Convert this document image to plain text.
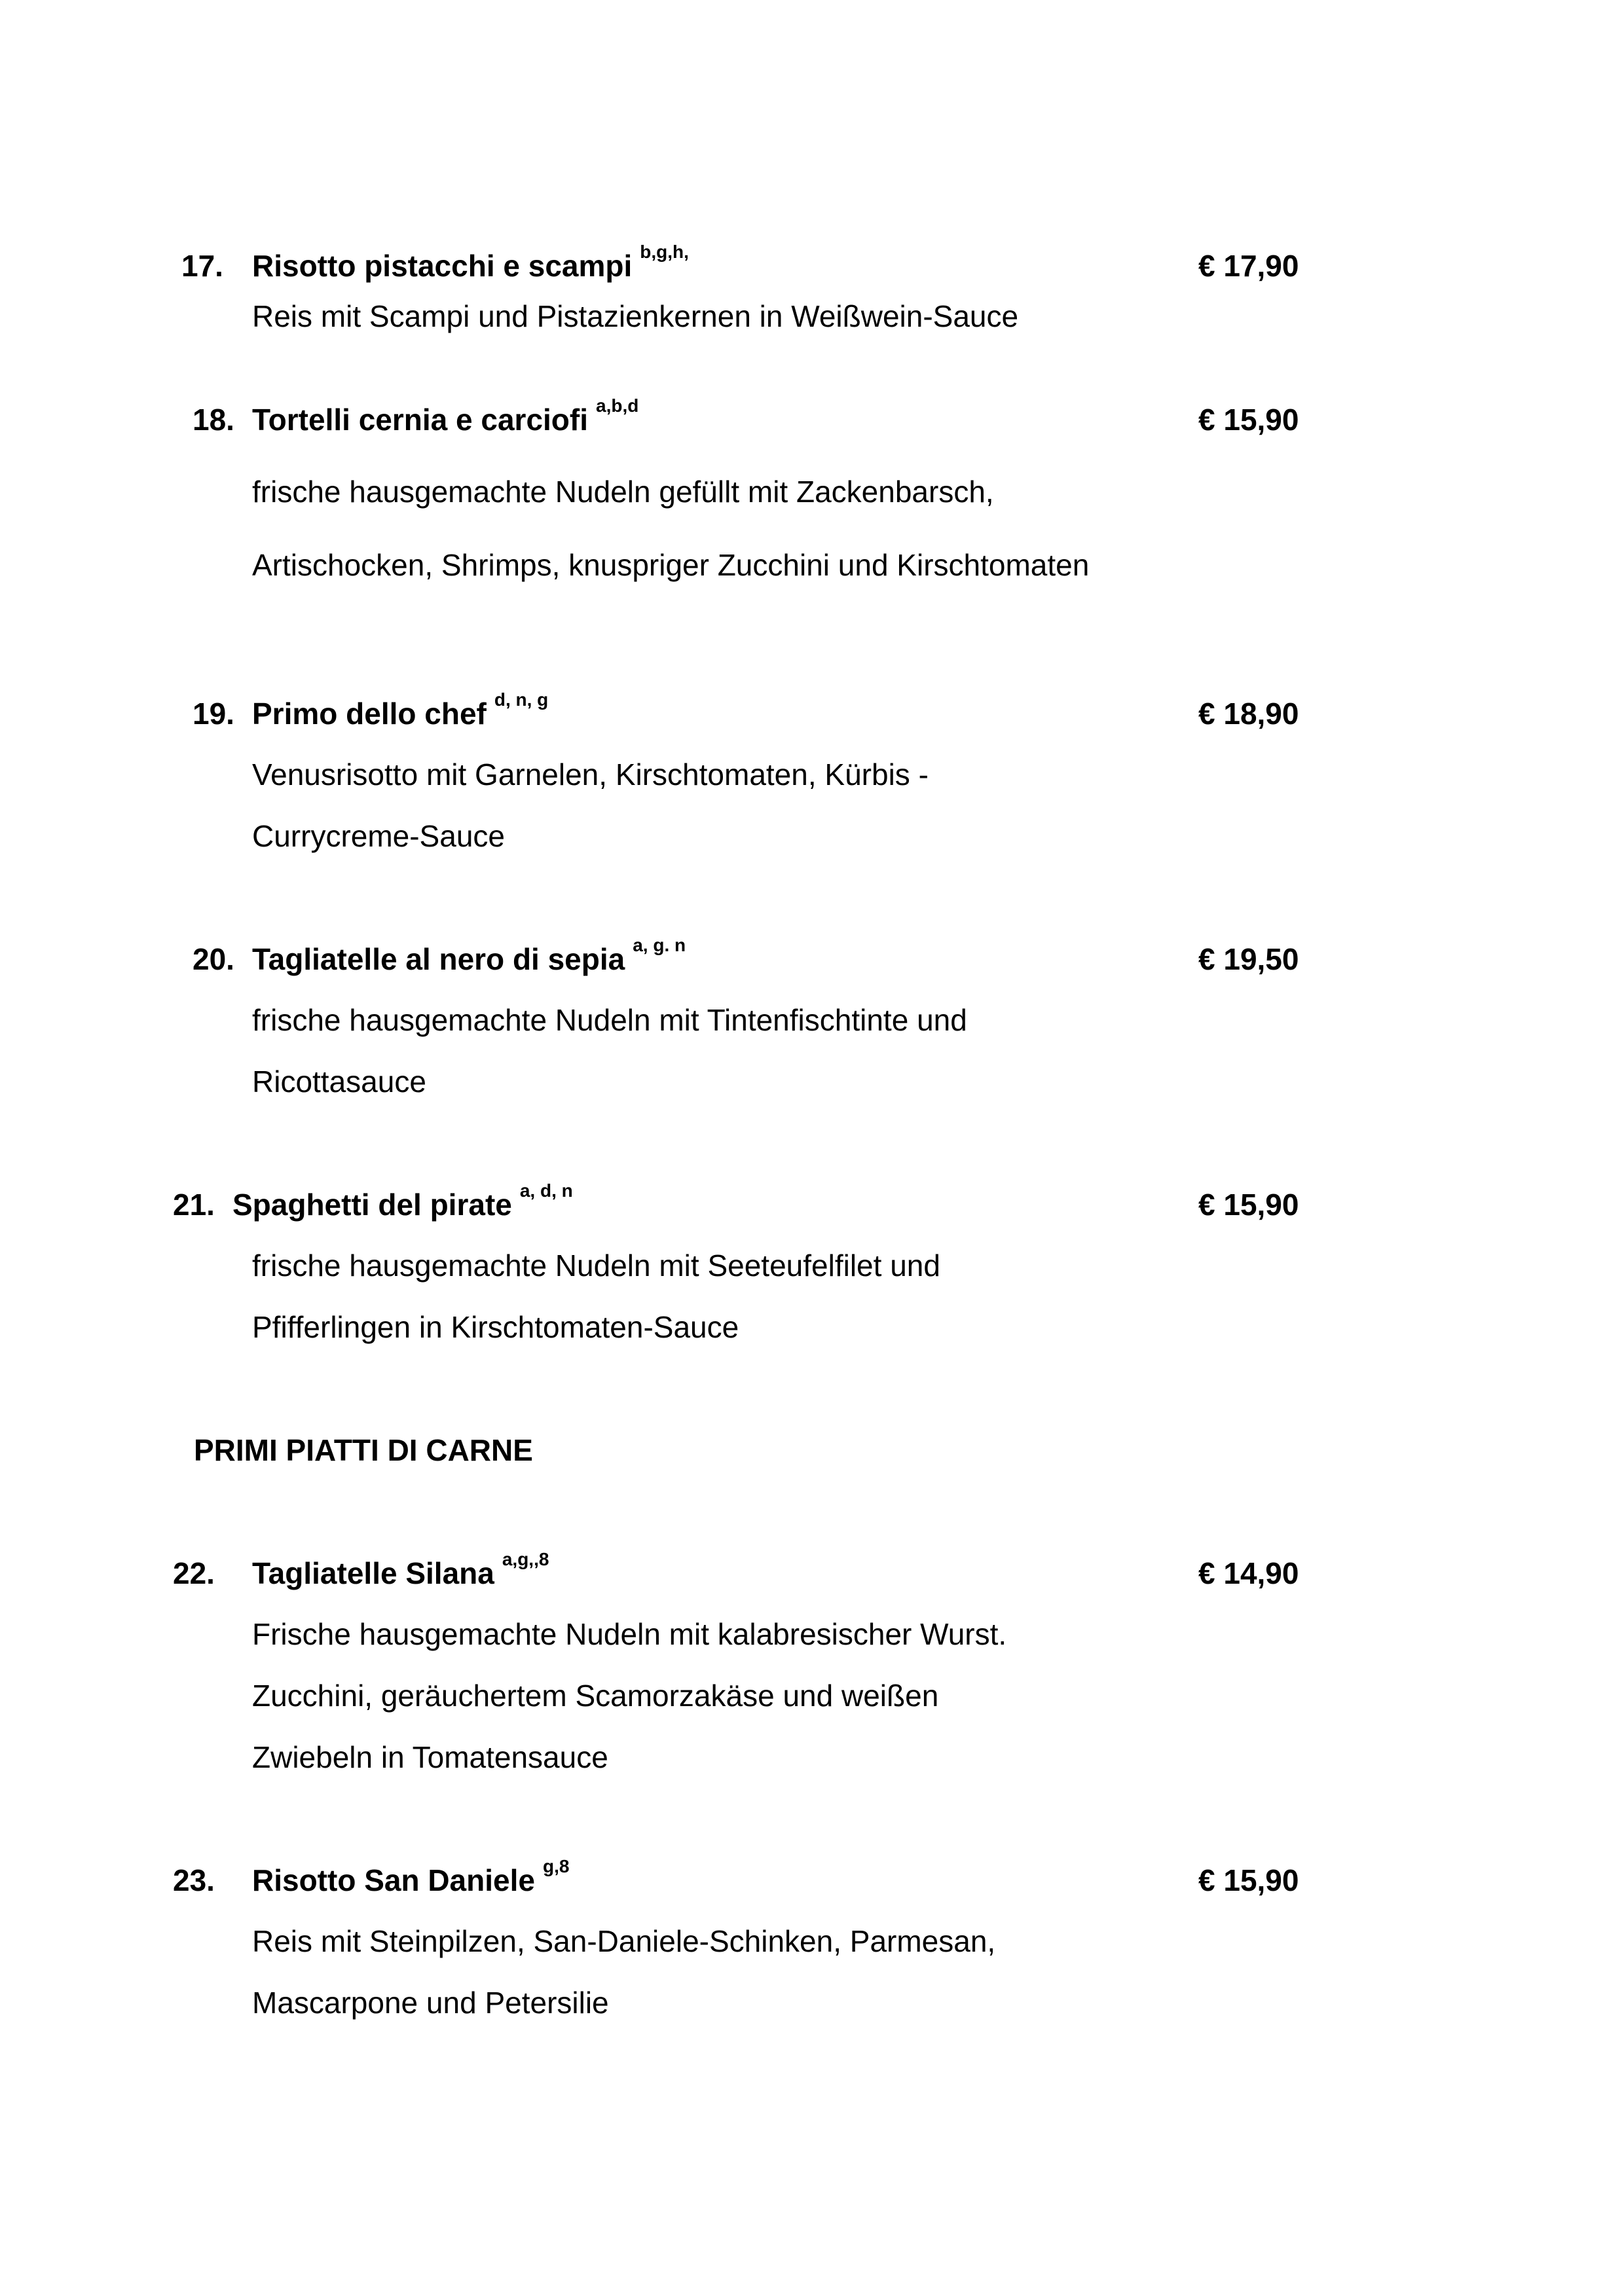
17. Risotto pistacchi e scampi $^{b,g,h,}$	€ 17,90
Reis mit Scampi und Pistazienkernen in Weißwein-Sauce
18. Tortelli cernia e carciofi $^{a,b,d}$	€ 15,90
frische hausgemachte Nudeln gefüllt mit Zackenbarsch,
Artischocken, Shrimps, knuspriger Zucchini und Kirschtomaten
19. Primo dello chef $^{d, n, g}$	€ 18,90
Venusrisotto mit Garnelen, Kirschtomaten, Kürbis -
Currycreme-Sauce
20. Tagliatelle al nero di sepia $^{a, g. n}$	€ 19,50
frische hausgemachte Nudeln mit Tintenfischtinte und
Ricottasauce
21. Spaghetti del pirate $^{a, d, n}$	€ 15,90
frische hausgemachte Nudeln mit Seeteufelfilet und
Pfifferlingen in Kirschtomaten-Sauce
PRIMI PIATTI DI CARNE
22. Tagliatelle Silana $^{a,g,,8}$	€ 14,90
Frische hausgemachte Nudeln mit kalabresischer Wurst.
Zucchini, geräuchertem Scamorzakäse und weißen
Zwiebeln in Tomatensauce
23. Risotto San Daniele $^{g,8}$	€ 15,90
Reis mit Steinpilzen, San-Daniele-Schinken, Parmesan,
Mascarpone und Petersilie
